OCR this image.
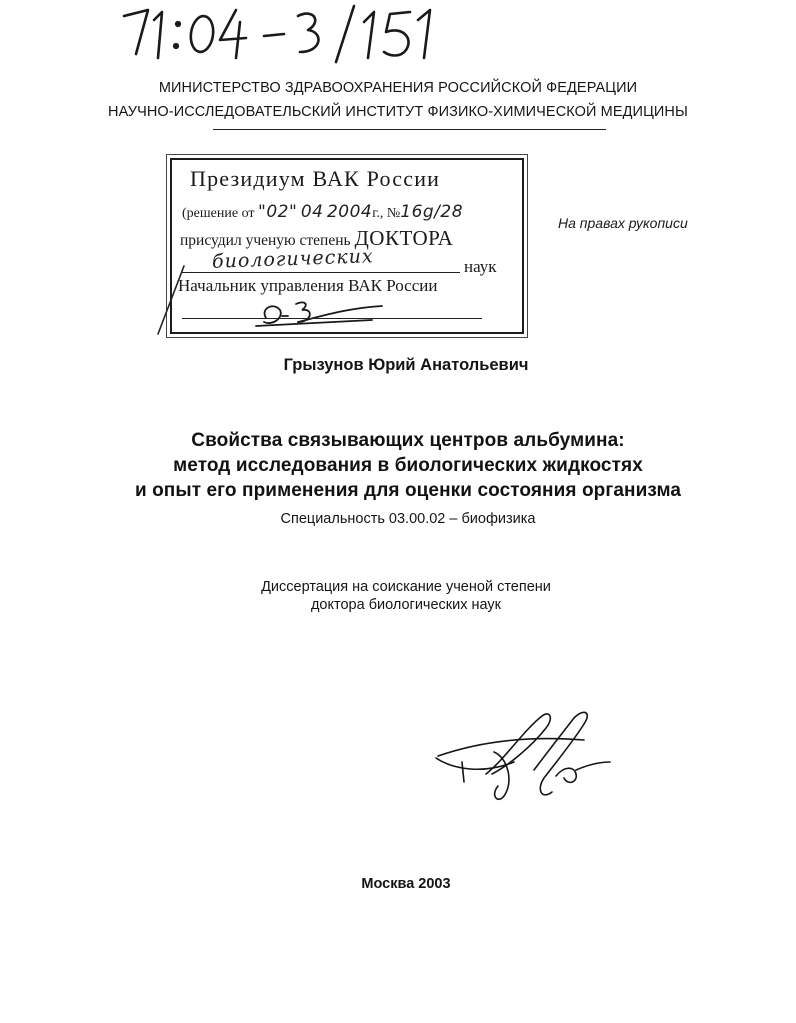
МИНИСТЕРСТВО ЗДРАВООХРАНЕНИЯ РОССИЙСКОЙ ФЕДЕРАЦИИ
НАУЧНО-ИССЛЕДОВАТЕЛЬСКИЙ ИНСТИТУТ ФИЗИКО-ХИМИЧЕСКОЙ МЕДИЦИНЫ
Президиум ВАК России
(решение от "02" 04 2004г., №16g/28
присудил ученую степень ДОКТОРА
биологических	наук
Начальник управления ВАК России
На правах рукописи
Грызунов Юрий Анатольевич
Свойства связывающих центров альбумина:
метод исследования в биологических жидкостях
и опыт его применения для оценки состояния организма
Специальность 03.00.02 – биофизика
Диссертация на соискание ученой степени
доктора биологических наук
Москва 2003
